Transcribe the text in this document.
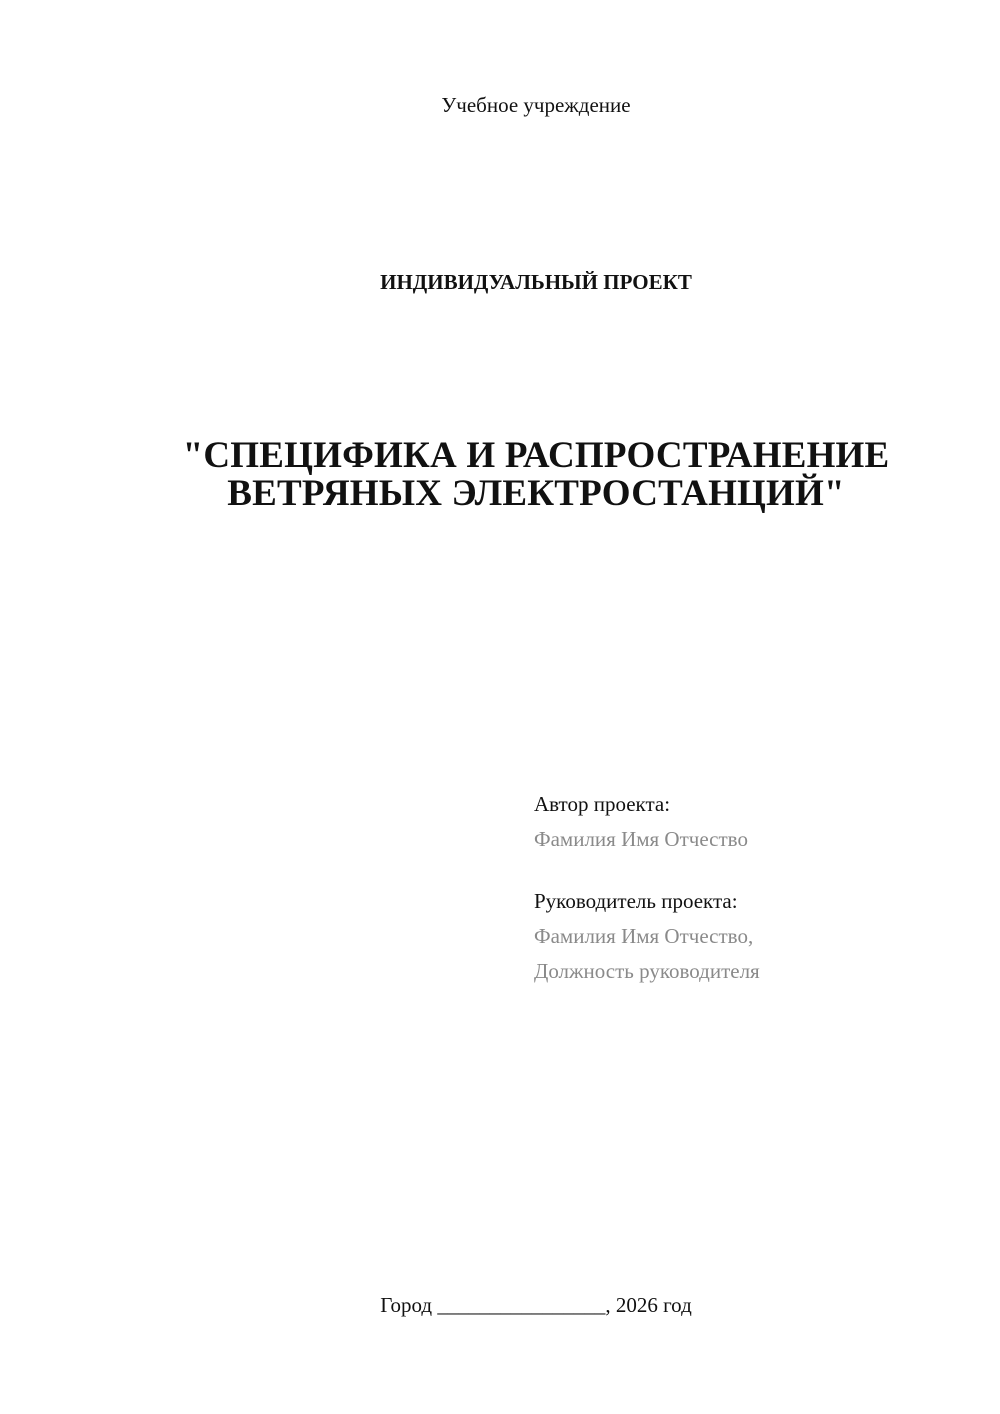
Учебное учреждение
ИНДИВИДУАЛЬНЫЙ ПРОЕКТ
"СПЕЦИФИКА И РАСПРОСТРАНЕНИЕ
ВЕТРЯНЫХ ЭЛЕКТРОСТАНЦИЙ"
Автор проекта:
Фамилия Имя Отчество
Руководитель проекта:
Фамилия Имя Отчество,
Должность руководителя
Город ________________, 2026 год
